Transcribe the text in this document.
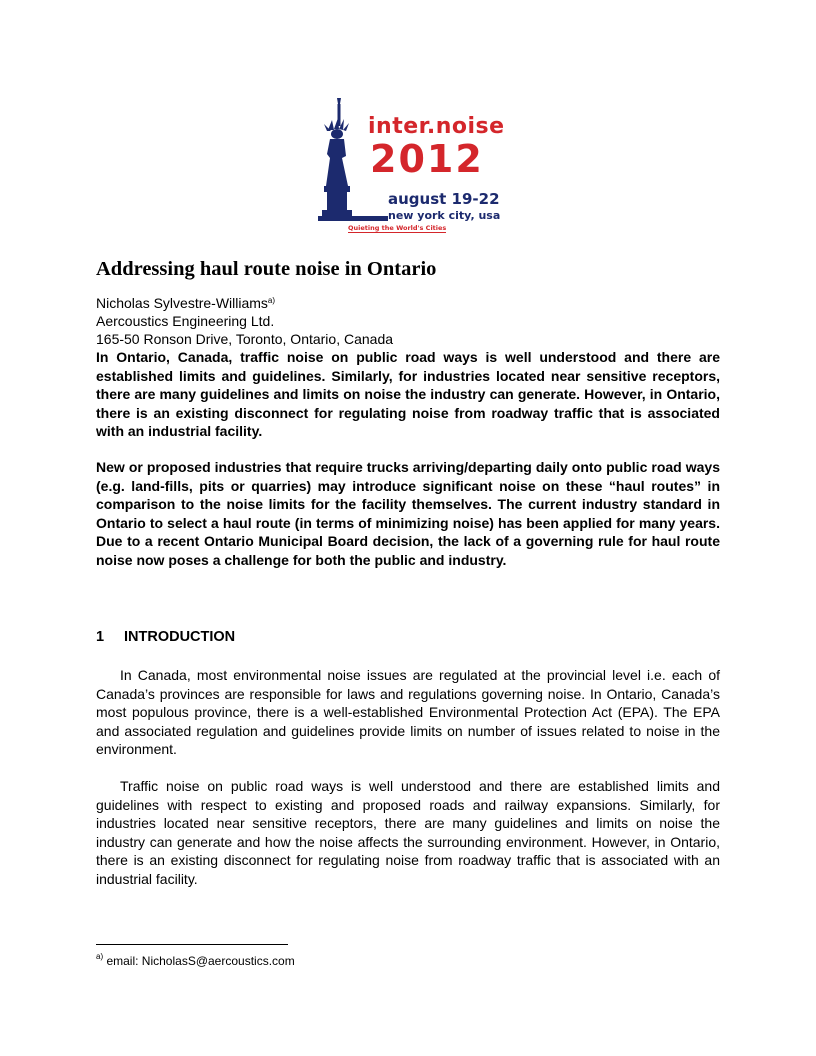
inter.noise
2012
august 19-22
new york city, usa
Quieting the World's Cities
Addressing haul route noise in Ontario
Nicholas Sylvestre-Williams$^{a)}$
Aercoustics Engineering Ltd.
165-50 Ronson Drive, Toronto, Ontario, Canada

In Ontario, Canada, traffic noise on public road ways is well understood and there are established limits and guidelines. Similarly, for industries located near sensitive receptors, there are many guidelines and limits on noise the industry can generate. However, in Ontario, there is an existing disconnect for regulating noise from roadway traffic that is associated with an industrial facility.

New or proposed industries that require trucks arriving/departing daily onto public road ways (e.g. land-fills, pits or quarries) may introduce significant noise on these “haul routes” in comparison to the noise limits for the facility themselves. The current industry standard in Ontario to select a haul route (in terms of minimizing noise) has been applied for many years. Due to a recent Ontario Municipal Board decision, the lack of a governing rule for haul route noise now poses a challenge for both the public and industry.

1 INTRODUCTION

In Canada, most environmental noise issues are regulated at the provincial level i.e. each of Canada’s provinces are responsible for laws and regulations governing noise. In Ontario, Canada’s most populous province, there is a well-established Environmental Protection Act (EPA). The EPA and associated regulation and guidelines provide limits on number of issues related to noise in the environment.

Traffic noise on public road ways is well understood and there are established limits and guidelines with respect to existing and proposed roads and railway expansions. Similarly, for industries located near sensitive receptors, there are many guidelines and limits on noise the industry can generate and how the noise affects the surrounding environment. However, in Ontario, there is an existing disconnect for regulating noise from roadway traffic that is associated with an industrial facility.

$^{a)}$ email: NicholasS@aercoustics.com
